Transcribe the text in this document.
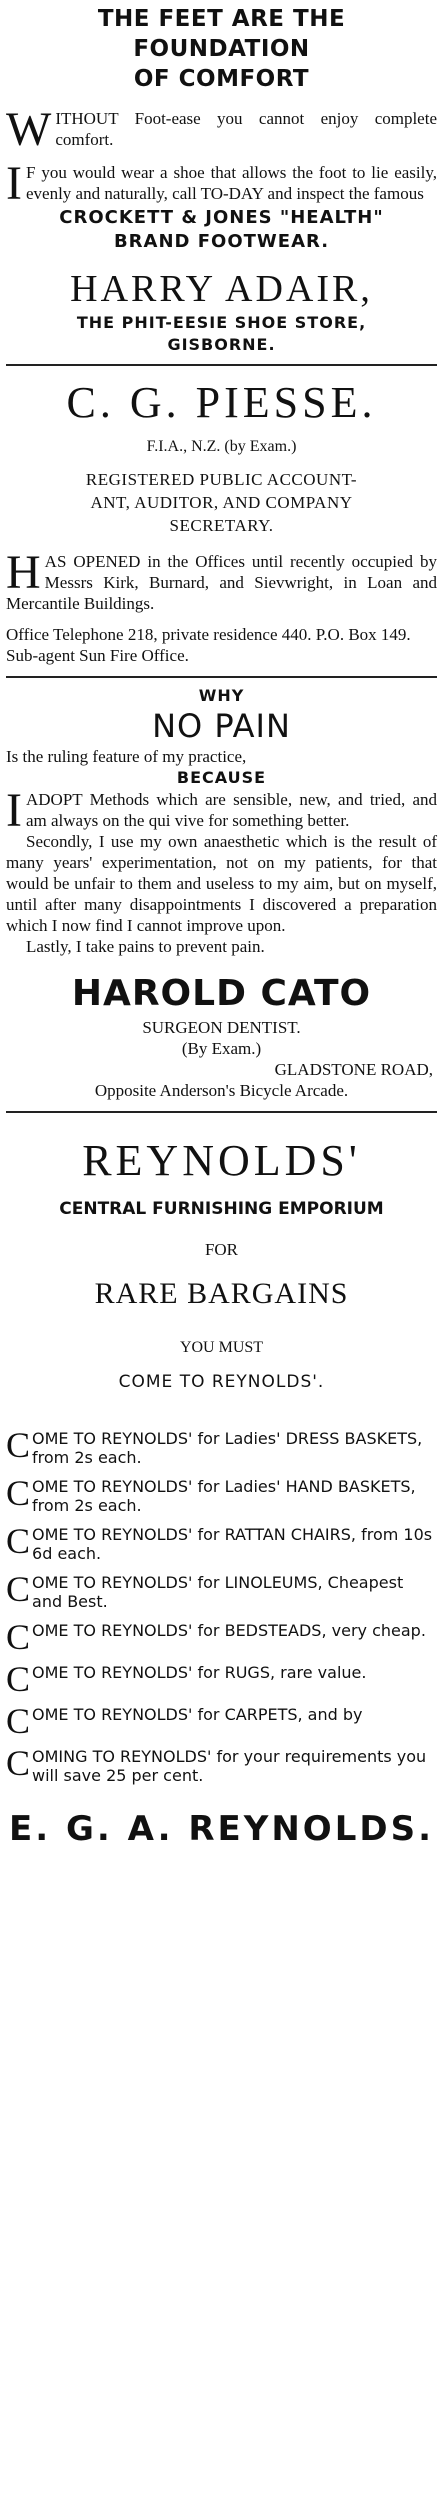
THE FEET ARE THE FOUNDATION
OF COMFORT
W ITHOUT Foot-ease you cannot enjoy complete comfort.
I F you would wear a shoe that allows the foot to lie easily, evenly and naturally, call TO-DAY and inspect the famous
CROCKETT & JONES "HEALTH"
BRAND FOOTWEAR.
HARRY ADAIR,
THE PHIT-EESIE SHOE STORE,
GISBORNE.
C. G. PIESSE.
F.I.A., N.Z. (by Exam.)
REGISTERED PUBLIC ACCOUNT-
ANT, AUDITOR, AND COMPANY
SECRETARY.
H AS OPENED in the Offices until recently occupied by Messrs Kirk, Burnard, and Sievwright, in Loan and Mercantile Buildings.
Office Telephone 218, private residence 440. P.O. Box 149.
Sub-agent Sun Fire Office.
WHY
NO PAIN
Is the ruling feature of my practice,
BECAUSE
I ADOPT Methods which are sensible, new, and tried, and am always on the qui vive for something better.
Secondly, I use my own anaesthetic which is the result of many years' experimentation, not on my patients, for that would be unfair to them and useless to my aim, but on myself, until after many disappointments I discovered a preparation which I now find I cannot improve upon.
Lastly, I take pains to prevent pain.
HAROLD CATO
SURGEON DENTIST.
(By Exam.)
GLADSTONE ROAD,
Opposite Anderson's Bicycle Arcade.
REYNOLDS'
CENTRAL FURNISHING EMPORIUM
FOR
RARE BARGAINS
YOU MUST
COME TO REYNOLDS'.
C OME TO REYNOLDS' for Ladies' DRESS BASKETS, from 2s each.
C OME TO REYNOLDS' for Ladies' HAND BASKETS, from 2s each.
C OME TO REYNOLDS' for RATTAN CHAIRS, from 10s 6d each.
C OME TO REYNOLDS' for LINOLEUMS, Cheapest and Best.
C OME TO REYNOLDS' for BEDSTEADS, very cheap.
C OME TO REYNOLDS' for RUGS, rare value.
C OME TO REYNOLDS' for CARPETS, and by
C OMING TO REYNOLDS' for your requirements you will save 25 per cent.
E. G. A. REYNOLDS.
